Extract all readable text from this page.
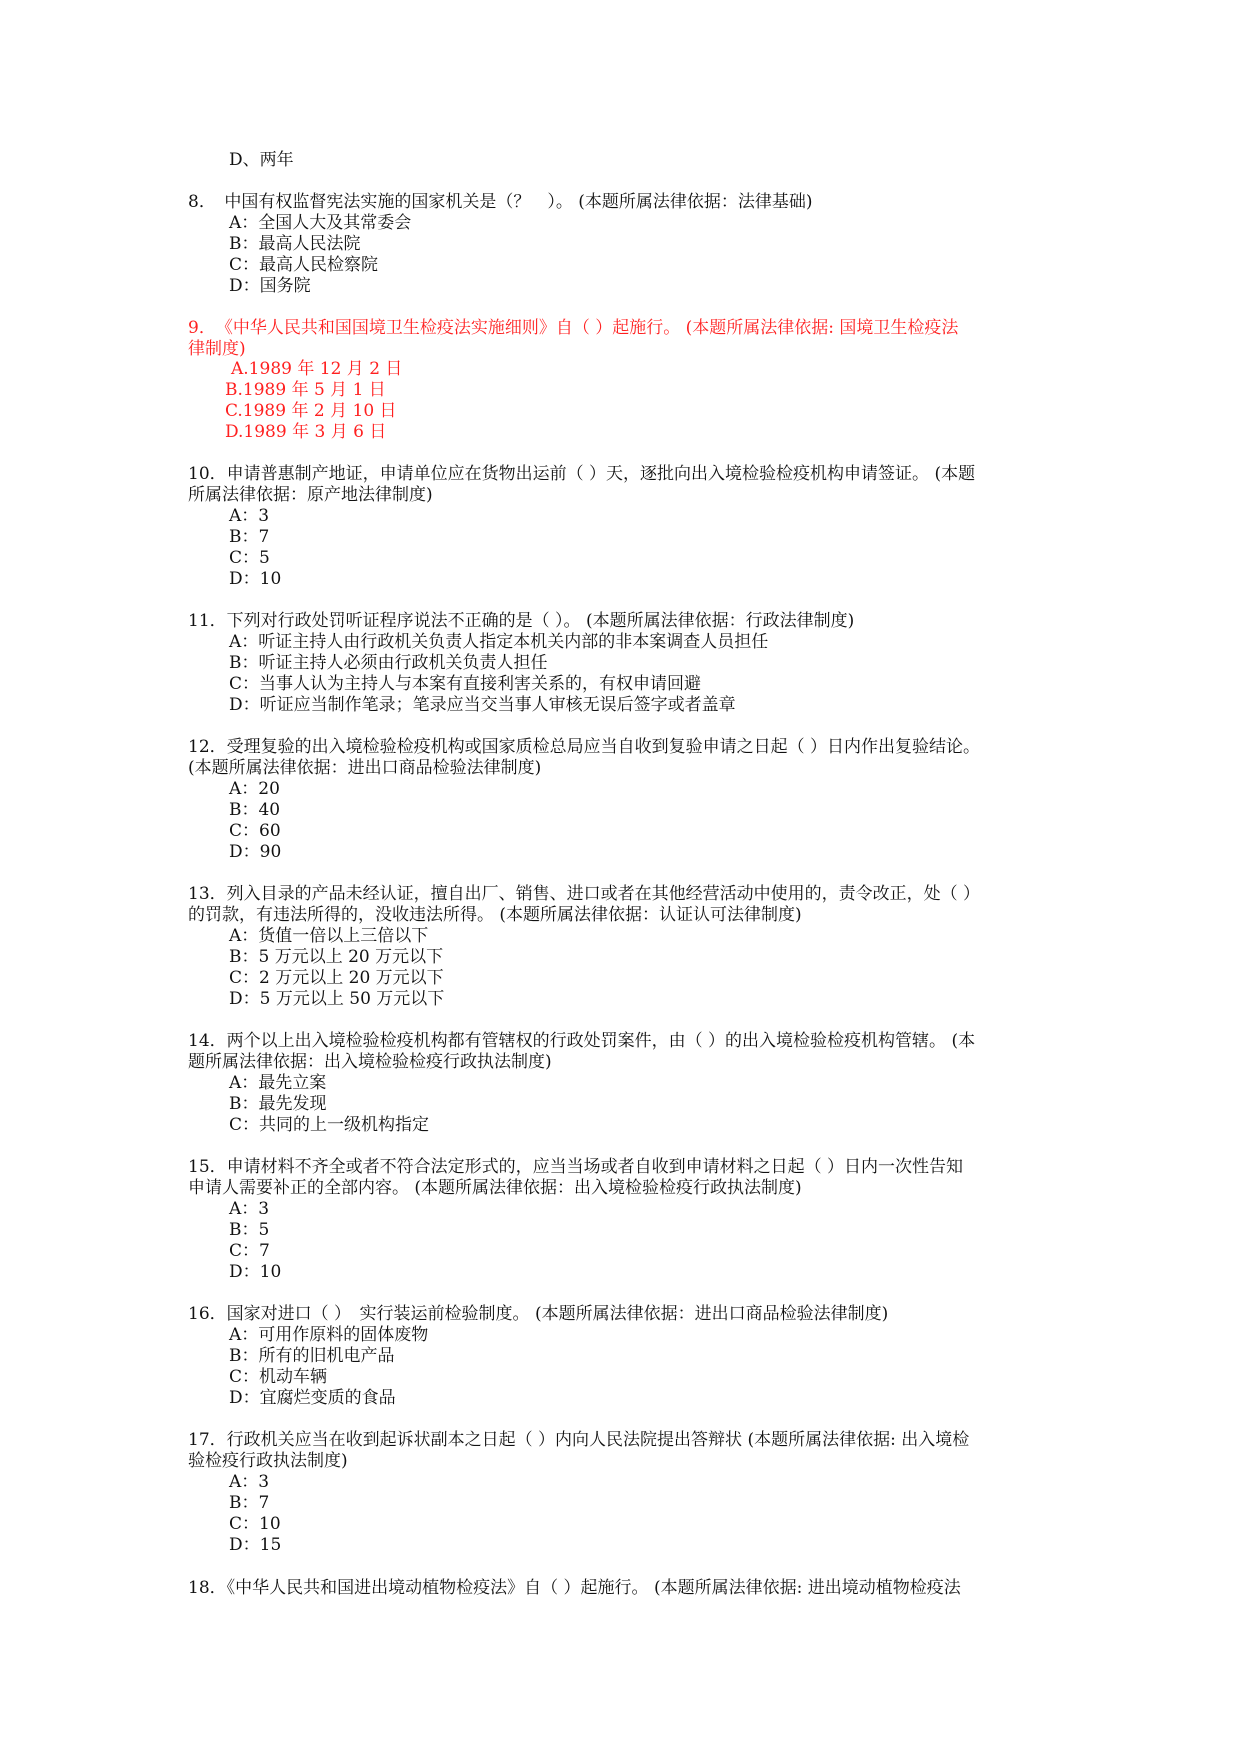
D、两年
8．　中国有权监督宪法实施的国家机关是（？　）。 (本题所属法律依据：法律基础)
A：全国人大及其常委会
B：最高人民法院
C：最高人民检察院
D：国务院
9．　《中华人民共和国国境卫生检疫法实施细则》自（ ）起施行。 (本题所属法律依据: 国境卫生检疫法
律制度)
A.1989 年 12 月 2 日
B.1989 年 5 月 1 日
C.1989 年 2 月 10 日
D.1989 年 3 月 6 日
10．申请普惠制产地证，申请单位应在货物出运前（ ）天，逐批向出入境检验检疫机构申请签证。 (本题
所属法律依据：原产地法律制度)
A：3
B：7
C：5
D：10
11．下列对行政处罚听证程序说法不正确的是（ ）。 (本题所属法律依据：行政法律制度)
A：听证主持人由行政机关负责人指定本机关内部的非本案调查人员担任
B：听证主持人必须由行政机关负责人担任
C：当事人认为主持人与本案有直接利害关系的，有权申请回避
D：听证应当制作笔录；笔录应当交当事人审核无误后签字或者盖章
12．受理复验的出入境检验检疫机构或国家质检总局应当自收到复验申请之日起（ ）日内作出复验结论。
(本题所属法律依据：进出口商品检验法律制度)
A：20
B：40
C：60
D：90
13．列入目录的产品未经认证，擅自出厂、销售、进口或者在其他经营活动中使用的，责令改正，处（ ）
的罚款，有违法所得的，没收违法所得。 (本题所属法律依据：认证认可法律制度)
A：货值一倍以上三倍以下
B：5 万元以上 20 万元以下
C：2 万元以上 20 万元以下
D：5 万元以上 50 万元以下
14．两个以上出入境检验检疫机构都有管辖权的行政处罚案件，由（ ）的出入境检验检疫机构管辖。 (本
题所属法律依据：出入境检验检疫行政执法制度)
A：最先立案
B：最先发现
C：共同的上一级机构指定
15．申请材料不齐全或者不符合法定形式的，应当当场或者自收到申请材料之日起（ ）日内一次性告知
申请人需要补正的全部内容。 (本题所属法律依据：出入境检验检疫行政执法制度)
A：3
B：5
C：7
D：10
16．国家对进口（ ）　实行装运前检验制度。 (本题所属法律依据：进出口商品检验法律制度)
A：可用作原料的固体废物
B：所有的旧机电产品
C：机动车辆
D：宜腐烂变质的食品
17．行政机关应当在收到起诉状副本之日起（ ）内向人民法院提出答辩状 (本题所属法律依据: 出入境检
验检疫行政执法制度)
A：3
B：7
C：10
D：15
18．《中华人民共和国进出境动植物检疫法》自（ ）起施行。 (本题所属法律依据: 进出境动植物检疫法
